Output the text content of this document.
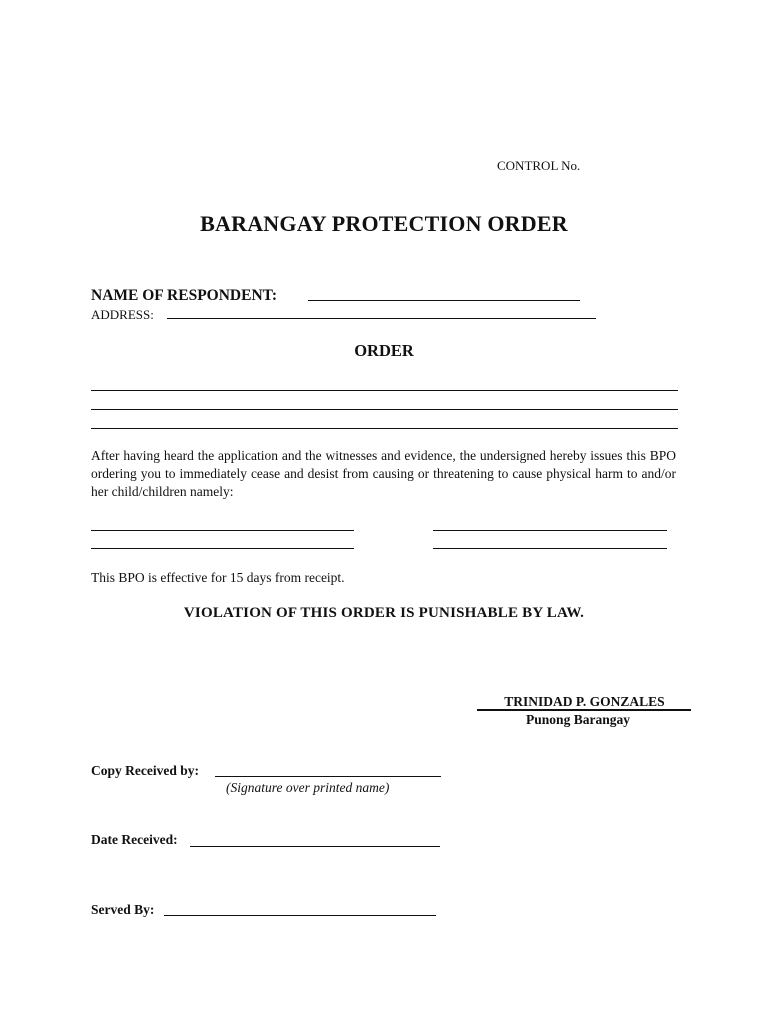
CONTROL No.
BARANGAY PROTECTION ORDER
NAME OF RESPONDENT:
ADDRESS:
ORDER
After having heard the application and the witnesses and evidence, the undersigned hereby issues this BPO ordering you to immediately cease and desist from causing or threatening to cause physical harm to and/or her child/children namely:
This BPO is effective for 15 days from receipt.
VIOLATION OF THIS ORDER IS PUNISHABLE BY LAW.
TRINIDAD P. GONZALES
Punong Barangay
Copy Received by:
(Signature over printed name)
Date Received:
Served By:
